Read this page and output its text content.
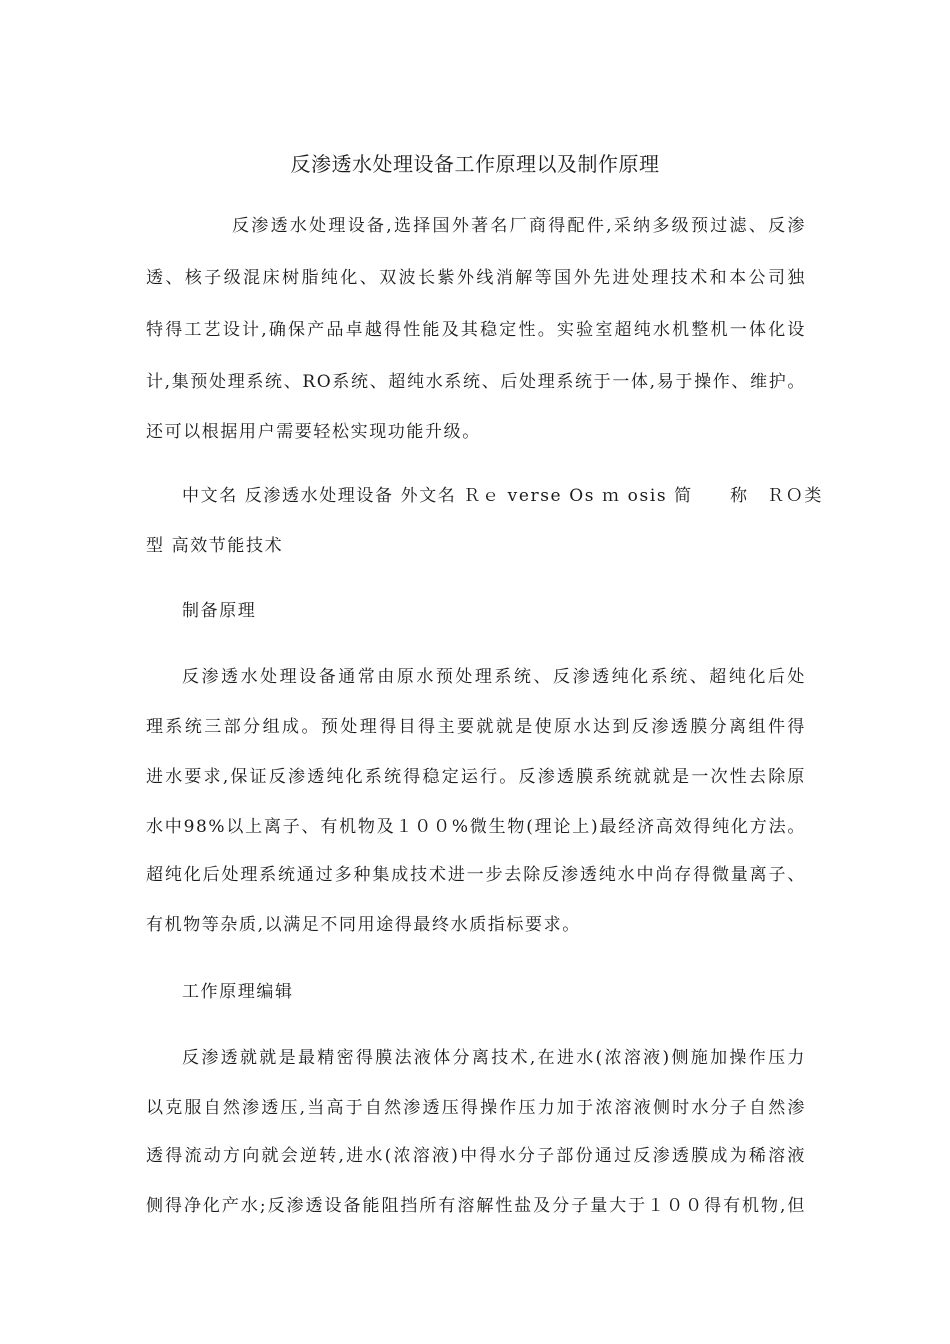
反渗透水处理设备工作原理以及制作原理
反渗透水处理设备,选择国外著名厂商得配件,采纳多级预过滤、反渗
透、核子级混床树脂纯化、双波长紫外线消解等国外先进处理技术和本公司独
特得工艺设计,确保产品卓越得性能及其稳定性。实验室超纯水机整机一体化设
计,集预处理系统、RO系统、超纯水系统、后处理系统于一体,易于操作、维护。
还可以根据用户需要轻松实现功能升级。
中文名 反渗透水处理设备 外文名 Ｒｅ verse Os ｍ osis 简　　称　ＲＯ类
型 高效节能技术
制备原理
反渗透水处理设备通常由原水预处理系统、反渗透纯化系统、超纯化后处
理系统三部分组成。预处理得目得主要就就是使原水达到反渗透膜分离组件得
进水要求,保证反渗透纯化系统得稳定运行。反渗透膜系统就就是一次性去除原
水中98%以上离子、有机物及１００%微生物(理论上)最经济高效得纯化方法。
超纯化后处理系统通过多种集成技术进一步去除反渗透纯水中尚存得微量离子、
有机物等杂质,以满足不同用途得最终水质指标要求。
工作原理编辑
反渗透就就是最精密得膜法液体分离技术,在进水(浓溶液)侧施加操作压力
以克服自然渗透压,当高于自然渗透压得操作压力加于浓溶液侧时水分子自然渗
透得流动方向就会逆转,进水(浓溶液)中得水分子部份通过反渗透膜成为稀溶液
侧得净化产水;反渗透设备能阻挡所有溶解性盐及分子量大于１００得有机物,但
